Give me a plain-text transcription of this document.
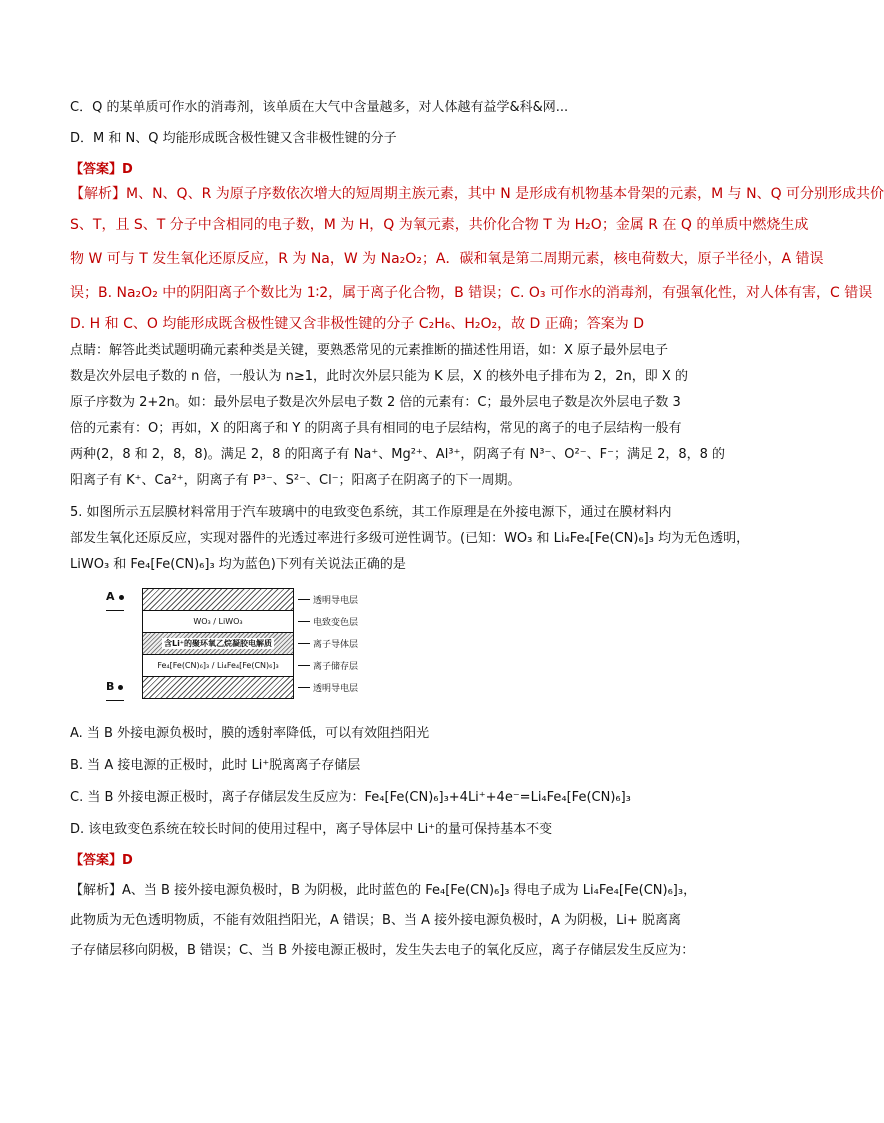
C．Q 的某单质可作水的消毒剂，该单质在大气中含量越多，对人体越有益学&科&网...

D．M 和 N、Q 均能形成既含极性键又含非极性键的分子

【答案】D

【解析】M、N、Q、R 为原子序数依次增大的短周期主族元素，其中 N 是形成有机物基本骨架的元素，M 与 N、Q 可分别形成共价

S、T，且 S、T 分子中含相同的电子数，M 为 H，Q 为氧元素，共价化合物 T 为 H₂O；金属 R 在 Q 的单质中燃烧生成

物 W 可与 T 发生氧化还原反应，R 为 Na，W 为 Na₂O₂；A．碳和氧是第二周期元素，核电荷数大，原子半径小，A 错误

误；B. Na₂O₂ 中的阴阳离子个数比为 1∶2，属于离子化合物，B 错误；C. O₃ 可作水的消毒剂，有强氧化性，对人体有害，C 错误

D. H 和 C、O 均能形成既含极性键又含非极性键的分子 C₂H₆、H₂O₂，故 D 正确；答案为 D

点睛：解答此类试题明确元素种类是关键，要熟悉常见的元素推断的描述性用语，如：X 原子最外层电子

数是次外层电子数的 n 倍，一般认为 n≥1，此时次外层只能为 K 层，X 的核外电子排布为 2，2n，即 X 的

原子序数为 2+2n。如：最外层电子数是次外层电子数 2 倍的元素有：C；最外层电子数是次外层电子数 3

倍的元素有：O；再如，X 的阳离子和 Y 的阴离子具有相同的电子层结构，常见的离子的电子层结构一般有

两种(2，8 和 2，8，8)。满足 2，8 的阳离子有 Na⁺、Mg²⁺、Al³⁺，阴离子有 N³⁻、O²⁻、F⁻；满足 2，8，8 的

阳离子有 K⁺、Ca²⁺，阴离子有 P³⁻、S²⁻、Cl⁻；阳离子在阴离子的下一周期。

5. 如图所示五层膜材料常用于汽车玻璃中的电致变色系统，其工作原理是在外接电源下，通过在膜材料内

部发生氧化还原反应，实现对器件的光透过率进行多级可逆性调节。(已知：WO₃ 和 Li₄Fe₄[Fe(CN)₆]₃ 均为无色透明，

LiWO₃ 和 Fe₄[Fe(CN)₆]₃ 均为蓝色)下列有关说法正确的是

A
B
WO₃ / LiWO₃
含Li⁺的聚环氧乙烷凝胶电解质
Fe₄[Fe(CN)₆]₃ / Li₄Fe₄[Fe(CN)₆]₃
透明导电层
电致变色层
离子导体层
离子储存层
透明导电层

A. 当 B 外接电源负极时，膜的透射率降低，可以有效阻挡阳光

B. 当 A 接电源的正极时，此时 Li⁺脱离离子存储层

C. 当 B 外接电源正极时，离子存储层发生反应为：Fe₄[Fe(CN)₆]₃+4Li⁺+4e⁻=Li₄Fe₄[Fe(CN)₆]₃

D. 该电致变色系统在较长时间的使用过程中，离子导体层中 Li⁺的量可保持基本不变

【答案】D

【解析】A、当 B 接外接电源负极时，B 为阴极，此时蓝色的 Fe₄[Fe(CN)₆]₃ 得电子成为 Li₄Fe₄[Fe(CN)₆]₃，

此物质为无色透明物质，不能有效阻挡阳光，A 错误；B、当 A 接外接电源负极时，A 为阴极，Li+ 脱离离

子存储层移向阴极，B 错误；C、当 B 外接电源正极时，发生失去电子的氧化反应，离子存储层发生反应为：
